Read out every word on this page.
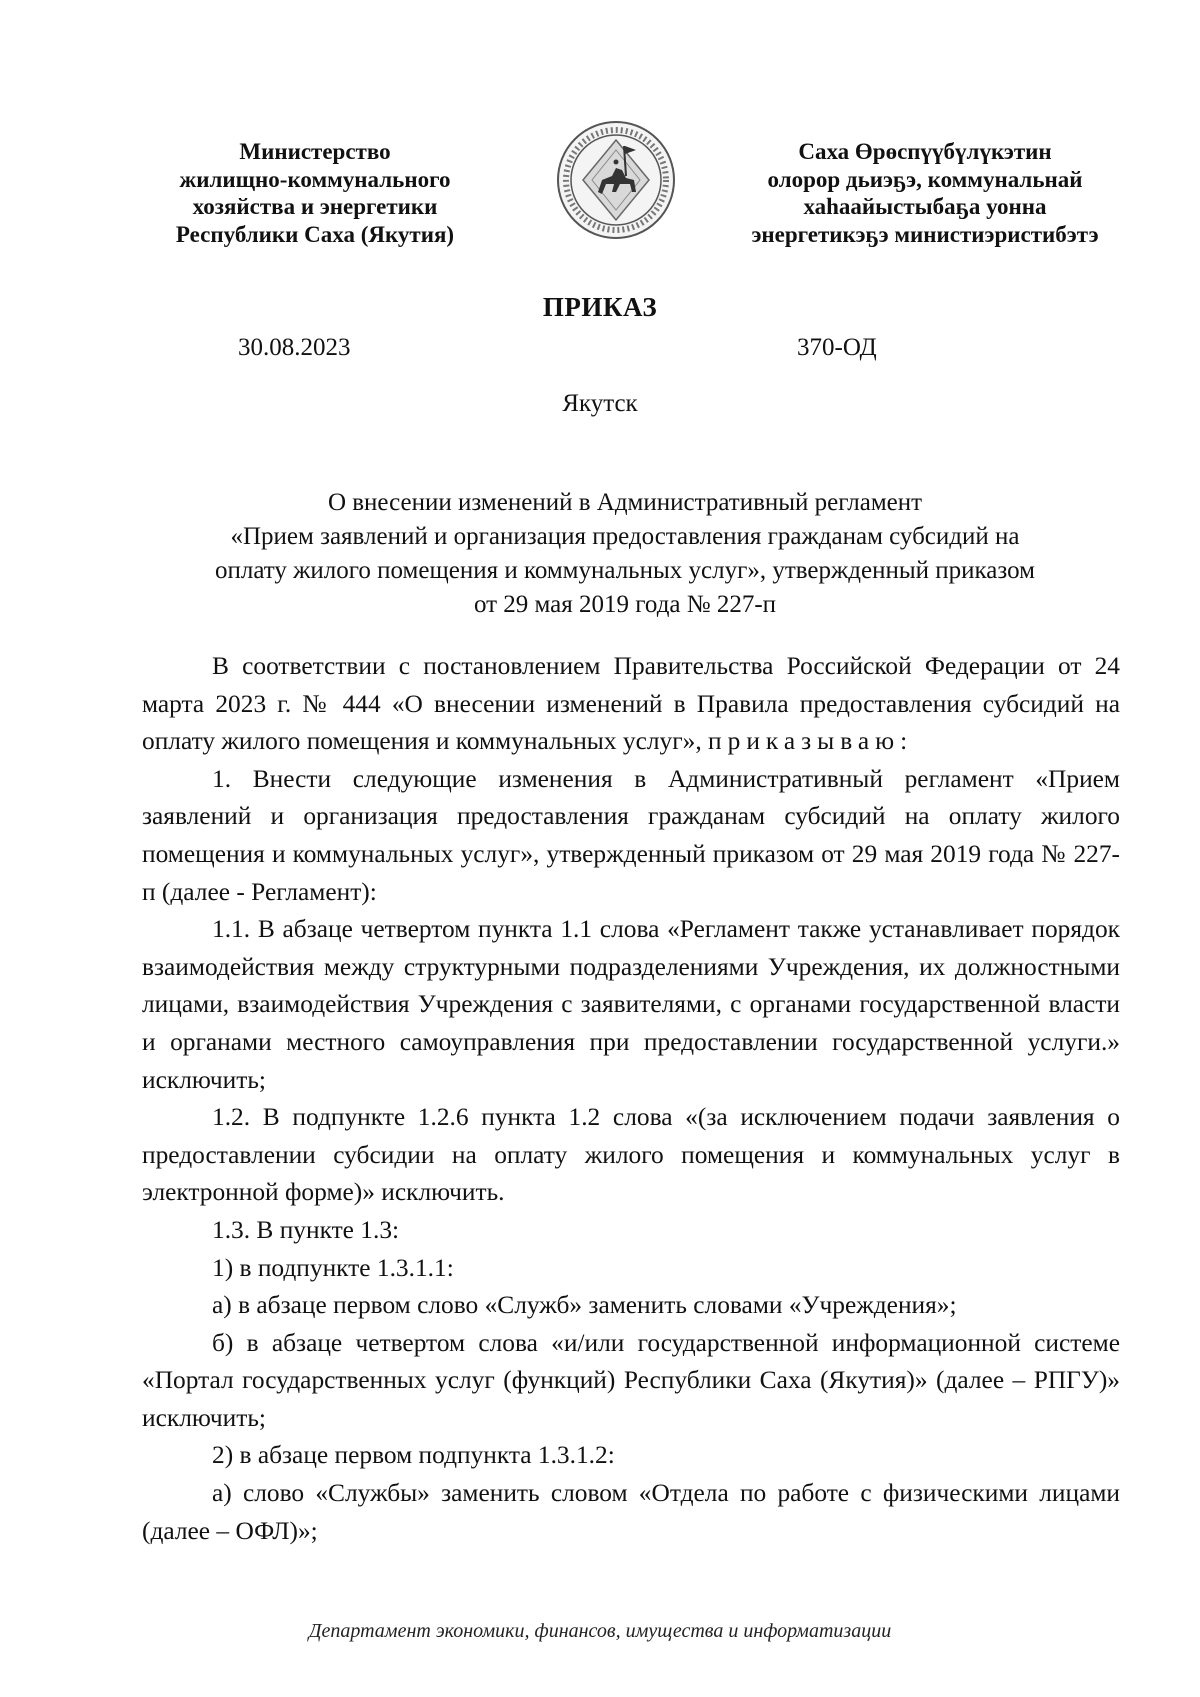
Министерство
жилищно-коммунального
хозяйства и энергетики
Республики Саха (Якутия)
Саха Өрөспүүбүлүкэтин
олорор дьиэҕэ, коммунальнай
хаһаайыстыбаҕа уонна
энергетикэҕэ министиэристибэтэ
ПРИКАЗ
30.08.2023	370-ОД
Якутск
О внесении изменений в Административный регламент
«Прием заявлений и организация предоставления гражданам субсидий на
оплату жилого помещения и коммунальных услуг», утвержденный приказом
от 29 мая 2019 года № 227-п

В соответствии с постановлением Правительства Российской Федерации от 24 марта 2023 г. № 444 «О внесении изменений в Правила предоставления субсидий на оплату жилого помещения и коммунальных услуг», приказываю:

1. Внести следующие изменения в Административный регламент «Прием заявлений и организация предоставления гражданам субсидий на оплату жилого помещения и коммунальных услуг», утвержденный приказом от 29 мая 2019 года № 227-п (далее - Регламент):

1.1. В абзаце четвертом пункта 1.1 слова «Регламент также устанавливает порядок взаимодействия между структурными подразделениями Учреждения, их должностными лицами, взаимодействия Учреждения с заявителями, с органами государственной власти и органами местного самоуправления при предоставлении государственной услуги.» исключить;

1.2. В подпункте 1.2.6 пункта 1.2 слова «(за исключением подачи заявления о предоставлении субсидии на оплату жилого помещения и коммунальных услуг в электронной форме)» исключить.

1.3. В пункте 1.3:

1) в подпункте 1.3.1.1:

а) в абзаце первом слово «Служб» заменить словами «Учреждения»;

б) в абзаце четвертом слова «и/или государственной информационной системе «Портал государственных услуг (функций) Республики Саха (Якутия)» (далее – РПГУ)» исключить;

2) в абзаце первом подпункта 1.3.1.2:

а) слово «Службы» заменить словом «Отдела по работе с физическими лицами (далее – ОФЛ)»;

Департамент экономики, финансов, имущества и информатизации
